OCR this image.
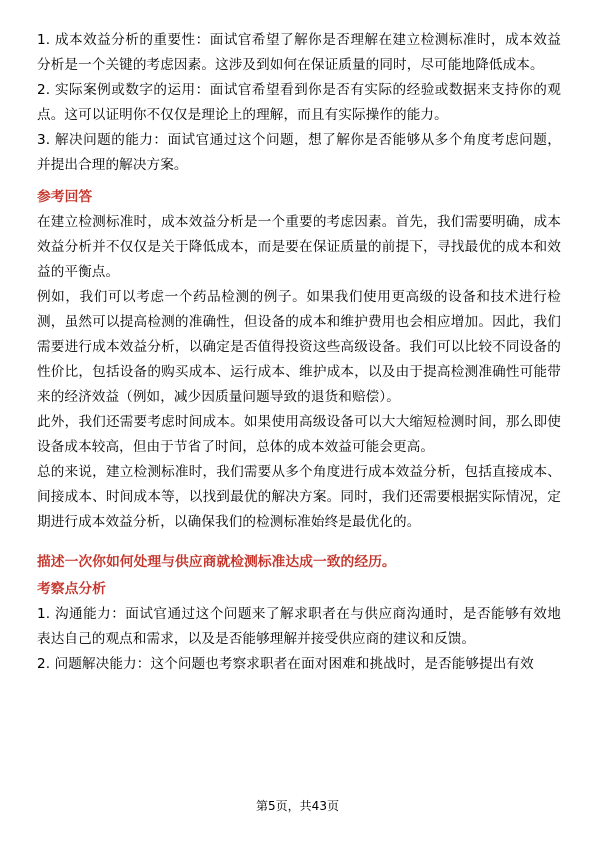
1. 成本效益分析的重要性：面试官希望了解你是否理解在建立检测标准时，成本效益分析是一个关键的考虑因素。这涉及到如何在保证质量的同时，尽可能地降低成本。

2. 实际案例或数字的运用：面试官希望看到你是否有实际的经验或数据来支持你的观点。这可以证明你不仅仅是理论上的理解，而且有实际操作的能力。

3. 解决问题的能力：面试官通过这个问题，想了解你是否能够从多个角度考虑问题，并提出合理的解决方案。

参考回答

在建立检测标准时，成本效益分析是一个重要的考虑因素。首先，我们需要明确，成本效益分析并不仅仅是关于降低成本，而是要在保证质量的前提下，寻找最优的成本和效益的平衡点。

例如，我们可以考虑一个药品检测的例子。如果我们使用更高级的设备和技术进行检测，虽然可以提高检测的准确性，但设备的成本和维护费用也会相应增加。因此，我们需要进行成本效益分析，以确定是否值得投资这些高级设备。我们可以比较不同设备的性价比，包括设备的购买成本、运行成本、维护成本，以及由于提高检测准确性可能带来的经济效益（例如，减少因质量问题导致的退货和赔偿）。

此外，我们还需要考虑时间成本。如果使用高级设备可以大大缩短检测时间，那么即使设备成本较高，但由于节省了时间，总体的成本效益可能会更高。

总的来说，建立检测标准时，我们需要从多个角度进行成本效益分析，包括直接成本、间接成本、时间成本等，以找到最优的解决方案。同时，我们还需要根据实际情况，定期进行成本效益分析，以确保我们的检测标准始终是最优化的。

描述一次你如何处理与供应商就检测标准达成一致的经历。
考察点分析

1. 沟通能力：面试官通过这个问题来了解求职者在与供应商沟通时，是否能够有效地表达自己的观点和需求，以及是否能够理解并接受供应商的建议和反馈。

2. 问题解决能力：这个问题也考察求职者在面对困难和挑战时，是否能够提出有效

第5页，共43页
